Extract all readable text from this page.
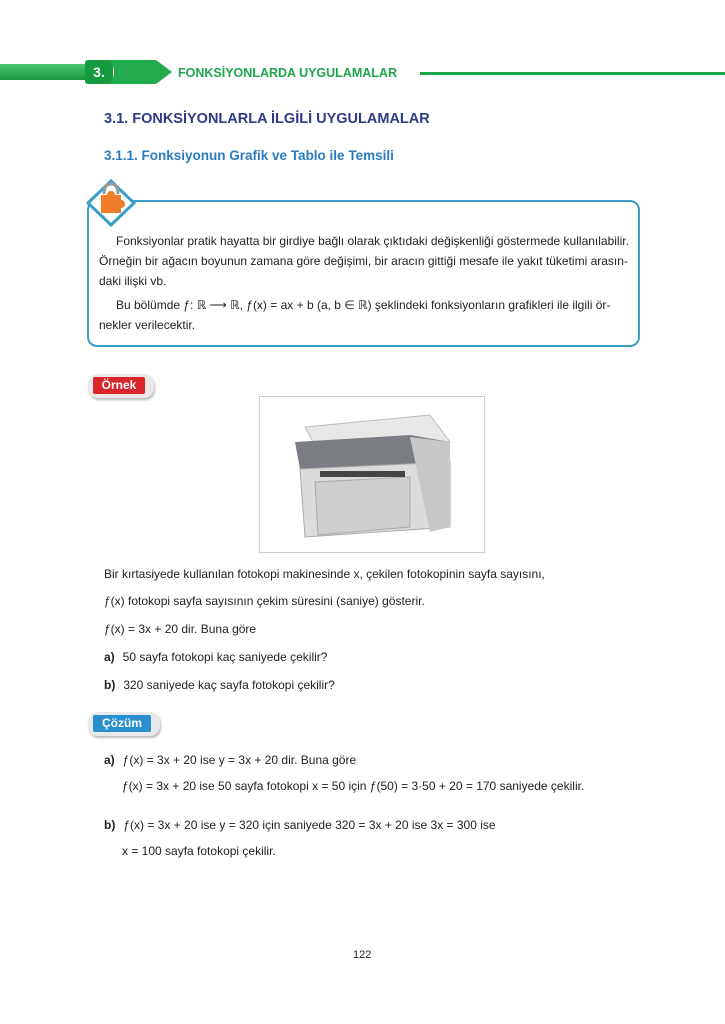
3.	FONKSİYONLARDA UYGULAMALAR
3.1. FONKSİYONLARLA İLGİLİ UYGULAMALAR
3.1.1. Fonksiyonun Grafik ve Tablo ile Temsili
Fonksiyonlar pratik hayatta bir girdiye bağlı olarak çıktıdaki değişkenliği göstermede kullanılabilir.
Örneğin bir ağacın boyunun zamana göre değişimi, bir aracın gittiği mesafe ile yakıt tüketimi arasın-
daki ilişki vb.
Bu bölümde ƒ: ℝ ⟶ ℝ, ƒ(x) = ax + b (a, b ∈ ℝ) şeklindeki fonksiyonların grafikleri ile ilgili ör-
nekler verilecektir.
Örnek
Bir kırtasiyede kullanılan fotokopi makinesinde x, çekilen fotokopinin sayfa sayısını,
ƒ(x) fotokopi sayfa sayısının çekim süresini (saniye) gösterir.
ƒ(x) = 3x + 20 dir. Buna göre
a) 50 sayfa fotokopi kaç saniyede çekilir?
b) 320 saniyede kaç sayfa fotokopi çekilir?
Çözüm
a) ƒ(x) = 3x + 20 ise y = 3x + 20 dir. Buna göre
ƒ(x) = 3x + 20 ise 50 sayfa fotokopi x = 50 için ƒ(50) = 3·50 + 20 = 170 saniyede çekilir.
b) ƒ(x) = 3x + 20 ise y = 320 için saniyede 320 = 3x + 20 ise 3x = 300 ise
x = 100 sayfa fotokopi çekilir.
122
